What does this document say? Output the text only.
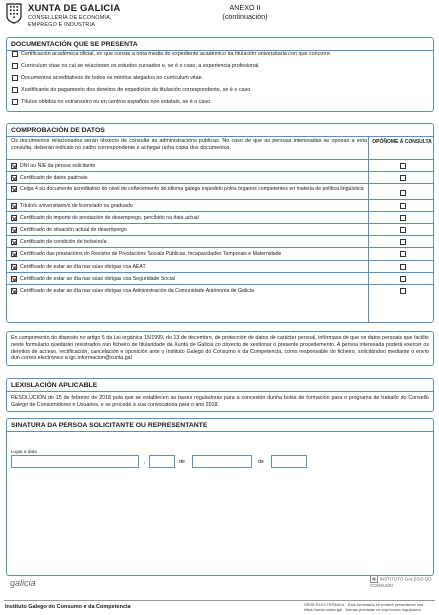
XUNTA DE GALICIA
CONSELLERÍA DE ECONOMÍA,
EMPREGO E INDUSTRIA
ANEXO II
(continuación)
DOCUMENTACIÓN QUE SE PRESENTA
Certificación académica oficial, en que conste a nota media do expediente académico da titulación universitaria con que concorre.
Curriculum vitae no cal se relacionen os estudos cursados e, se é o caso, a experiencia profesional.
Documentos acreditativos de todos os méritos alegados no curriculum vitae.
Xustificante do pagamento dos dereitos de expedición da titulación correspondente, se é o caso.
Títulos obtidos no estranxeiro ou en centros españois non estatais, se é o caso.
COMPROBACIÓN DE DATOS
Os documentos relacionados serán obxecto de consulta ás administracións públicas. No caso de que as persoas interesadas se oponan a esta consulta, deberán indicalo no cadro correspondente e achegar unha copia dos documentos.
OPÓÑOME Á CONSULTA
DNI ou NIE da persoa solicitante
Certificado de datos padroais
Celga 4 ou documento acreditativo do nivel de coñecemento do idioma galego expedido polos órganos competentes en materia de política lingüística
Título/s universitario/s de licenciado ou graduado
Certificado do importe de prestación de desemprego, percibido na data actual
Certificado de situación actual de desemprego
Certificado da condición de bolseiro/a
Certificado das prestacións do Rexistro de Prestacións Sociais Públicas, Incapacidades Temporais e Maternidade
Certificado de estar ao día nas súas obrigas coa AEAT
Certificado de estar ao día nas súas obrigas coa Seguridade Social
Certificado de estar ao día nas súas obrigas coa Administración da Comunidade Autónoma de Galicia
En cumprimento do disposto no artigo 5 da Lei orgánica 15/1999, do 13 de decembro, de protección de datos de carácter persoal, infórmase de que os datos persoais que facilite neste formulario quedarán rexistrados nun ficheiro de titularidade da Xunta de Galicia co obxecto de xestionar o presente procedemento. A persoa interesada poderá exercer os dereitos de acceso, rectificación, cancelación e oposición ante o Instituto Galego do Consumo e da Competencia, como responsable do ficheiro, solicitándoo mediante o envío dun correo electrónico a igc.informacion@xunta.gal
LEXISLACIÓN APLICABLE
RESOLUCIÓN do 15 de febreiro de 2018 pola que se establecen as bases reguladoras para a concesión dunha bolsa de formación para o programa de traballo do Consello Galego de Consumidores e Usuarios, e se procede á súa convocatoria para o ano 2018.
SINATURA DA PERSOA SOLICITANTE OU REPRESENTANTE
Lugar e data
,	de	de
galicia	INSTITUTO GALEGO DO CONSUMO
Instituto Galego do Consumo e da Competencia	SEDE ELECTRÓNICA · Este formulario só poderá presentarse nas
https://sede.xunta.gal · formas previstas na súa norma reguladora.
